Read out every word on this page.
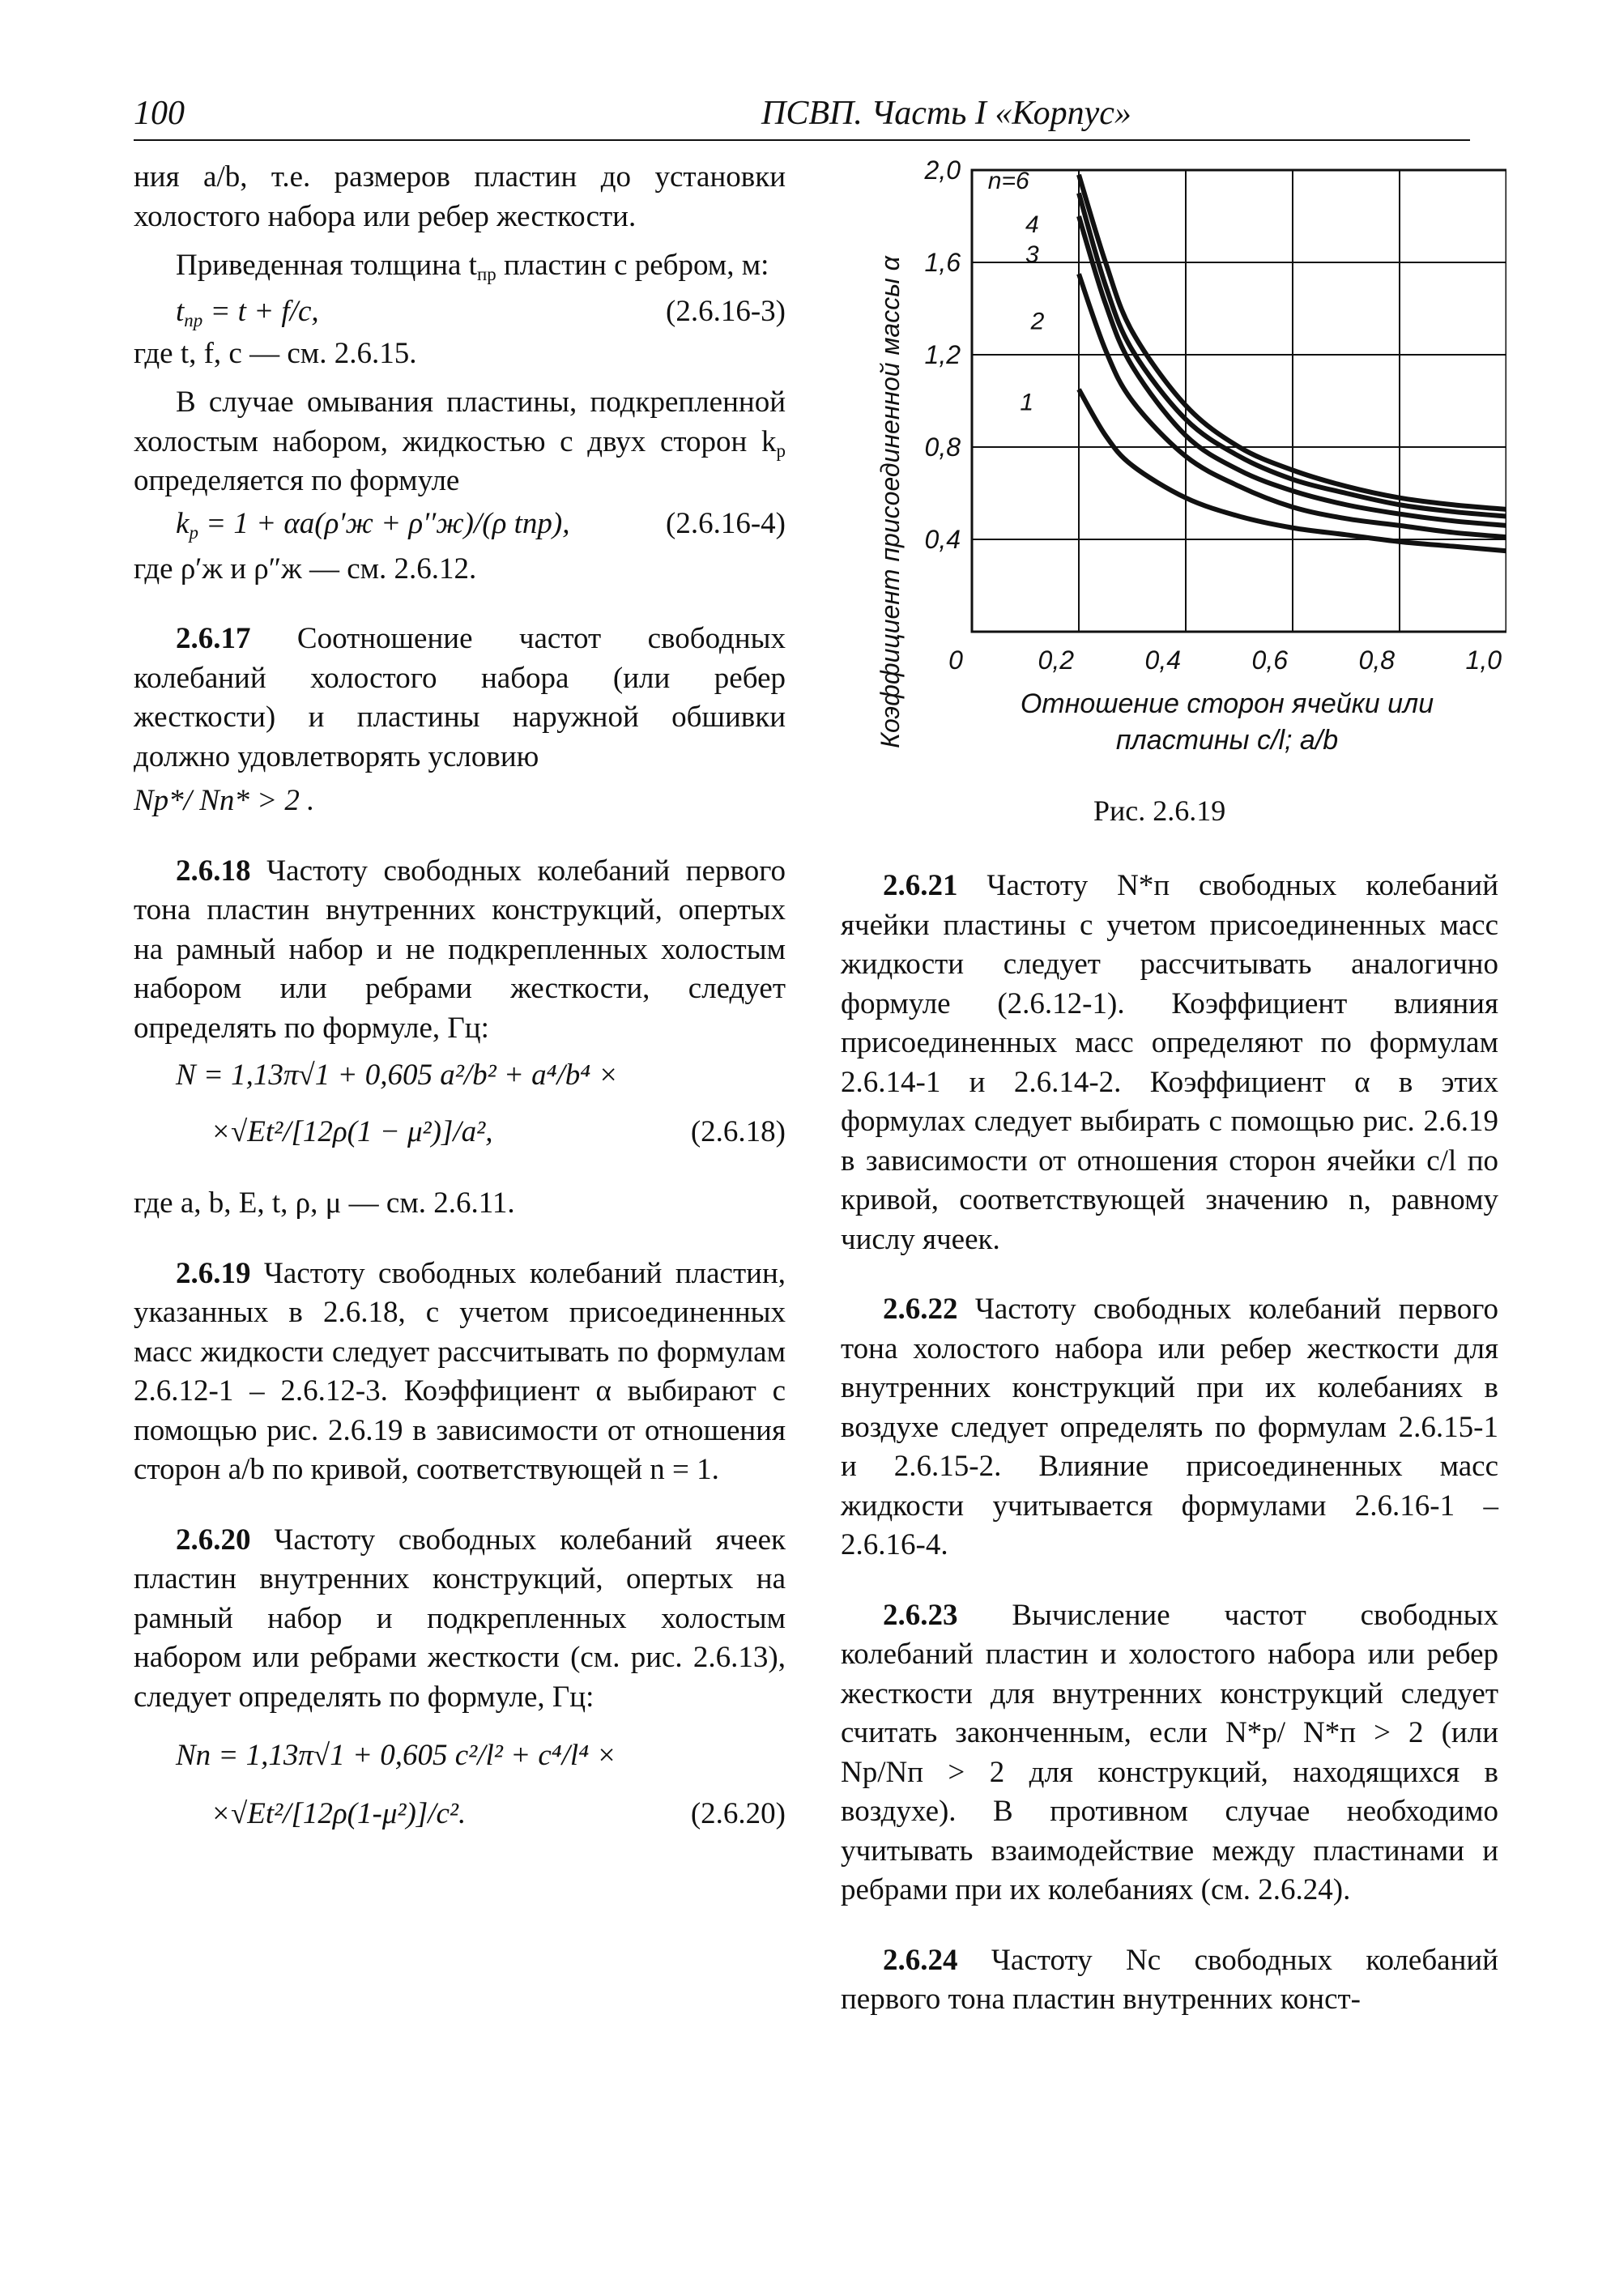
100	ПСВП. Часть I «Корпус»

ния a/b, т.е. размеров пластин до установки холостого набора или ребер жесткости.

Приведенная толщина $t_{пр}$ пластин с ребром, м:

$t_{пр} = t + f/c$,	(2.6.16-3)

где t, f, c — см. 2.6.15.

В случае омывания пластины, подкрепленной холостым набором, жидкостью с двух сторон $k_р$ определяется по формуле

$k_р = 1 + \alpha a(\rho'ж + \rho''ж)/(\rho$ tпр),	(2.6.16-4)

где ρ′ж и ρ″ж — см. 2.6.12.

2.6.17 Соотношение частот свободных колебаний холостого набора (или ребер жесткости) и пластины наружной обшивки должно удовлетворять условию

Nр*/ Nп* > 2 .

2.6.18 Частоту свободных колебаний первого тона пластин внутренних конструкций, опертых на рамный набор и не подкрепленных холостым набором или ребрами жесткости, следует определять по формуле, Гц:

N = 1,13π√1 + 0,605 a²/b² + a⁴/b⁴ ×
×√Et²/[12ρ(1 − μ²)]/a²,	(2.6.18)

где a, b, E, t, ρ, μ — см. 2.6.11.

2.6.19 Частоту свободных колебаний пластин, указанных в 2.6.18, с учетом присоединенных масс жидкости следует рассчитывать по формулам 2.6.12-1 – 2.6.12-3. Коэффициент α выбирают с помощью рис. 2.6.19 в зависимости от отношения сторон a/b по кривой, соответствующей n = 1.

2.6.20 Частоту свободных колебаний ячеек пластин внутренних конструкций, опертых на рамный набор и подкрепленных холостым набором или ребрами жесткости (см. рис. 2.6.13), следует определять по формуле, Гц:

Nп = 1,13π√1 + 0,605 c²/l² + c⁴/l⁴ ×
×√Et²/[12ρ(1-μ²)]/c².	(2.6.20)
2,0
1,6
1,2
0,8
0,4
0	0,2	0,4	0,6	0,8	1,0
n=6
4
3
2
1
Коэффициент присоединенной массы α	Отношение сторон ячейки или
пластины c/l; a/b
Рис. 2.6.19

2.6.21 Частоту N*п свободных колебаний ячейки пластины с учетом присоединенных масс жидкости следует рассчитывать аналогично формуле (2.6.12-1). Коэффициент влияния присоединенных масс определяют по формулам 2.6.14-1 и 2.6.14-2. Коэффициент α в этих формулах следует выбирать с помощью рис. 2.6.19 в зависимости от отношения сторон ячейки c/l по кривой, соответствующей значению n, равному числу ячеек.

2.6.22 Частоту свободных колебаний первого тона холостого набора или ребер жесткости для внутренних конструкций при их колебаниях в воздухе следует определять по формулам 2.6.15-1 и 2.6.15-2. Влияние присоединенных масс жидкости учитывается формулами 2.6.16-1 – 2.6.16-4.

2.6.23 Вычисление частот свободных колебаний пластин и холостого набора или ребер жесткости для внутренних конструкций следует считать законченным, если N*р/ N*п > 2 (или Nр/Nп > 2 для конструкций, находящихся в воздухе). В противном случае необходимо учитывать взаимодействие между пластинами и ребрами при их колебаниях (см. 2.6.24).

2.6.24 Частоту Nс свободных колебаний первого тона пластин внутренних конст-
